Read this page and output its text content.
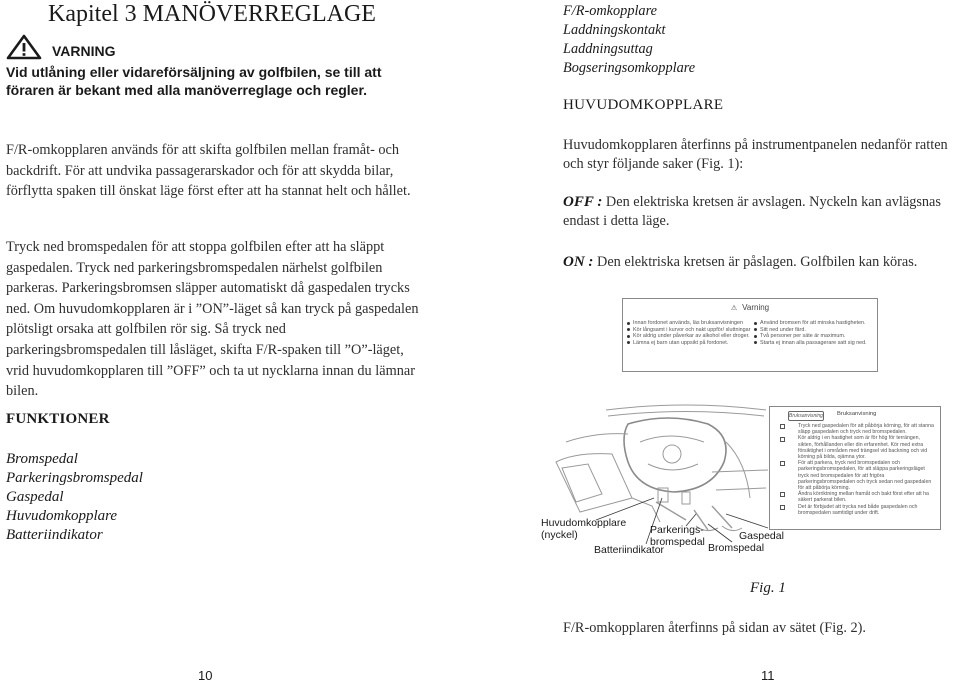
Kapitel 3 MANÖVERREGLAGE
VARNING
Vid utlåning eller vidareförsäljning av golfbilen, se till att föraren är bekant med alla manöverreglage och regler.

F/R-omkopplaren används för att skifta golfbilen mellan framåt- och backdrift. För att undvika passagerarskador och för att skydda bilar, förflytta spaken till önskat läge först efter att ha stannat helt och hållet.

Tryck ned bromspedalen för att stoppa golfbilen efter att ha släppt gaspedalen. Tryck ned parkeringsbromspedalen närhelst golfbilen parkeras. Parkeringsbromsen släpper automatiskt då gaspedalen trycks ned. Om huvudomkopplaren är i ”ON”-läget så kan tryck på gaspedalen plötsligt orsaka att golfbilen rör sig. Så tryck ned parkeringsbromspedalen till låsläget, skifta F/R-spaken till ”O”-läget, vrid huvudomkopplaren till ”OFF” och ta ut nycklarna innan du lämnar bilen.

FUNKTIONER
Bromspedal
Parkeringsbromspedal
Gaspedal
Huvudomkopplare
Batteriindikator
10
F/R-omkopplare
Laddningskontakt
Laddningsuttag
Bogseringsomkopplare
HUVUDOMKOPPLARE

Huvudomkopplaren återfinns på instrumentpanelen nedanför ratten och styr följande saker (Fig. 1):

OFF : Den elektriska kretsen är avslagen. Nyckeln kan avlägsnas endast i detta läge.

ON : Den elektriska kretsen är påslagen. Golfbilen kan köras.

⚠ Varning
Innan fordonet används, läs bruksanvisningen
Kör långsamt i kurvor och nakt uppför/ sluttningar
Kör aldrig under påverkar av alkohol eller droger.
Lämna ej barn utan uppsikt på fordonet.
Använd bromsen för att minska hastigheten.
Sitt ned under färd.
Två personer per säte är maximum.
Starta ej innan alla passagerare satt sig ned.
Huvudomkopplare
(nyckel)	Parkerings-
bromspedal	Gaspedal
Batteriindikator	Bromspedal
Bruksanvisning Bruksanvisning
Tryck ned gaspedalen för att påbörja körning, för att stanna släpp gaspedalen och tryck ned bromspedalen.
Kör aldrig i en hastighet som är för hög för terrängen, sikten, förhållanden eller din erfarenhet. Kör med extra försiktighet i områden med trängsel vid backning och vid körning på bilda, ojämna ytor.
För att parkera, tryck ned bromspedalen och parkeringsbromspedalen, för att släppa parkeringsläget tryck ned bromspedalen för att frigöra parkeringsbromspedalen och tryck sedan ned gaspedalen för att påbörja körning.
Ändra körriktning mellan framåt och bakt först efter att ha säkert parkerat bilen.
Det är förbjudet att trycka ned både gaspedalen och bromspedalen samtidigt under drift.
Fig. 1
F/R-omkopplaren återfinns på sidan av sätet (Fig. 2).
11
